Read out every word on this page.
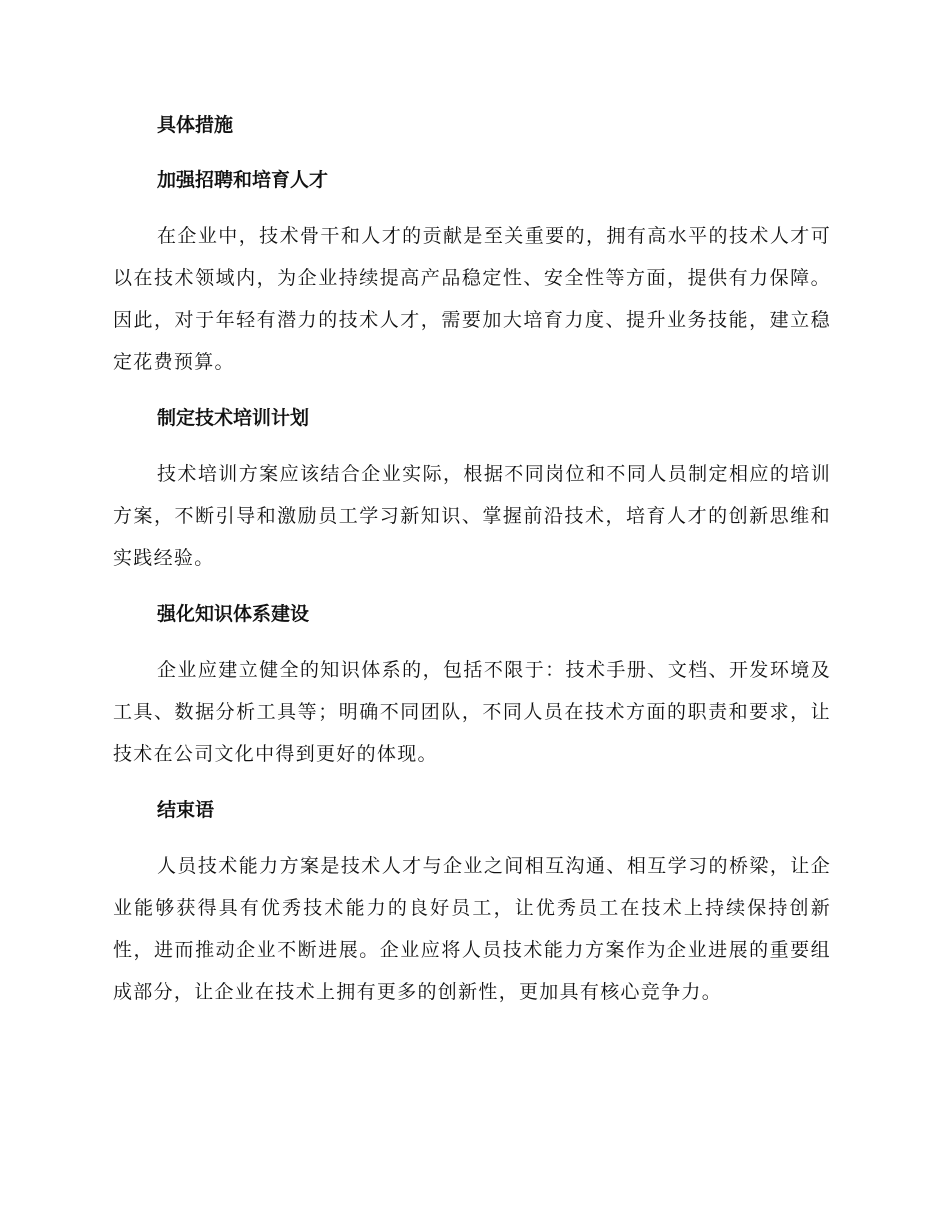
具体措施
加强招聘和培育人才

在企业中，技术骨干和人才的贡献是至关重要的，拥有高水平的技术人才可以在技术领域内，为企业持续提高产品稳定性、安全性等方面，提供有力保障。因此，对于年轻有潜力的技术人才，需要加大培育力度、提升业务技能，建立稳定花费预算。

制定技术培训计划

技术培训方案应该结合企业实际，根据不同岗位和不同人员制定相应的培训方案，不断引导和激励员工学习新知识、掌握前沿技术，培育人才的创新思维和实践经验。

强化知识体系建设

企业应建立健全的知识体系的，包括不限于：技术手册、文档、开发环境及工具、数据分析工具等；明确不同团队，不同人员在技术方面的职责和要求，让技术在公司文化中得到更好的体现。

结束语

人员技术能力方案是技术人才与企业之间相互沟通、相互学习的桥梁，让企业能够获得具有优秀技术能力的良好员工，让优秀员工在技术上持续保持创新性，进而推动企业不断进展。企业应将人员技术能力方案作为企业进展的重要组成部分，让企业在技术上拥有更多的创新性，更加具有核心竞争力。
